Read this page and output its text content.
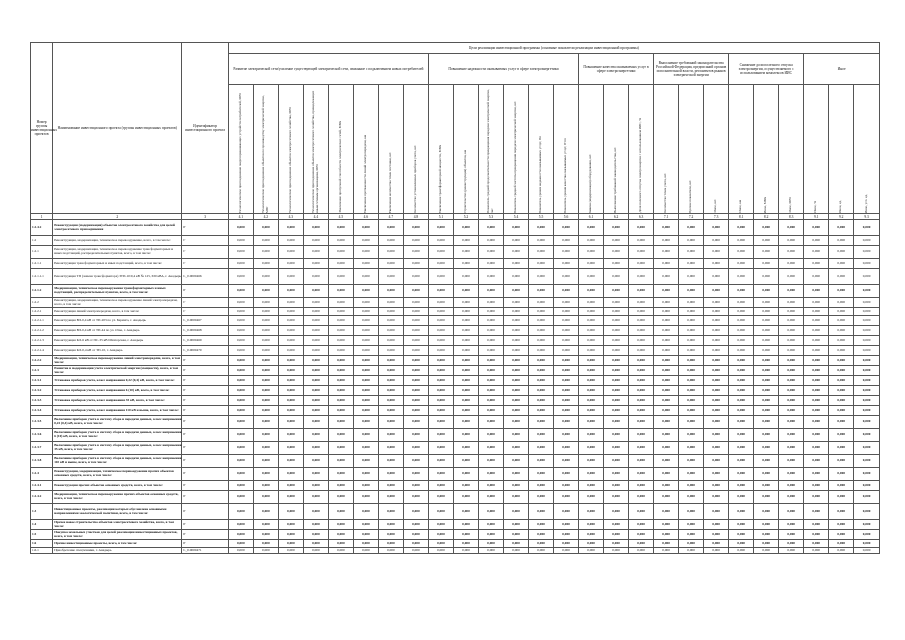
Номер группы инвестиционных проектов	Наименование инвестиционного проекта (группы инвестиционных проектов)	Идентификатор инвестиционного проекта	Цели реализации инвестиционной программы (основные показатели реализации инвестиционной программы)																									
			Развитие электрической сети/усиление существующей электрической сети, связанное с подключением новых потребителей								Повышение надежности оказываемых услуг в сфере электроэнергетики						Повышение качества оказываемых услуг в сфере электроэнергетики			Выполнение требований законодательства Российской Федерации, предписаний органов исполнительной власти, регламентов рынков электрической энергии			Снижение доли полезного отпуска электроэнергии, осуществляемого с использованием комплексов ИИС			Иное		

			Технологическое присоединение энергопринимающих устройств потребителей, МВт	Технологическое присоединение объектов по производству электрической энергии, МВт	Технологическое присоединение объектов электросетевого хозяйства, МВт	Технологическое присоединение объектов электросетевого хозяйства, принадлежащих иным сетевым организациям, МВт	Увеличение пропускной способности электрических сетей, МВА	Увеличение протяженности линий электропередачи, км	Увеличение количества точек поставки, шт.	Количество установленных приборов учета, шт.	Увеличение трансформаторной мощности, МВА	Строительство (реконструкция) объектов, км	Показатель средней продолжительности прекращения передачи электрической энергии, час	Показатель средней частоты прекращения передачи электрической энергии, шт.	Показатель уровня надежности оказываемых услуг, Пп	Показатель уровня качества оказываемых услуг, Птсо	Замена (модернизация) оборудования, шт.	Выполнение требований законодательства, шт.	Доля полезного отпуска электроэнергии с использованием ИИС, %	Количество точек учета, шт.	Прочие показатели, шт.	Иное, шт.	Иное, км	Иное, МВА	Иное, МВт	Иное, %	Иное, ед.	Иное, усл. ед.

1	2	3	4.1	4.2	4.3	4.4	4.5	4.6	4.7	4.8	5.1	5.2	5.3	5.4	5.5	5.6	6.1	6.2	6.3	7.1	7.2	7.3	8.1	8.2	8.3	9.1	9.2	9.3
1.2.4.2	Реконструкция (модернизация) объектов электросетевого хозяйства для целей электросетевого присоединения	Г	0,000	0,000	0,000	0,000	0,000	0,000	0,000	0,000	0,000	0,000	0,000	0,000	0,000	0,000	0,000	0,000	0,000	0,000	0,000	0,000	0,000	0,000	0,000	0,000	0,000	0,000
1.2	Реконструкция, модернизация, техническое перевооружение, всего, в том числе:	Г	0,000	0,000	0,000	0,000	0,000	0,000	0,000	0,000	0,000	0,000	0,000	0,000	0,000	0,000	0,000	0,000	0,000	0,000	0,000	0,000	0,000	0,000	0,000	0,000	0,000	0,000
1.2.1	Реконструкция, модернизация, техническое перевооружение трансформаторных и иных подстанций, распределительных пунктов, всего, в том числе:	Г	0,000	0,000	0,000	0,000	0,000	0,000	0,000	0,000	0,000	0,000	0,000	0,000	0,000	0,000	0,000	0,000	0,000	0,000	0,000	0,000	0,000	0,000	0,000	0,000	0,000	0,000
1.2.1.1	Реконструкция трансформаторных и иных подстанций, всего, в том числе:	Г	0,000	0,000	0,000	0,000	0,000	0,000	0,000	0,000	0,000	0,000	0,000	0,000	0,000	0,000	0,000	0,000	0,000	0,000	0,000	0,000	0,000	0,000	0,000	0,000	0,000	0,000
1.2.1.1.1	Реконструкция ТП (замена трансформатора) ЗТП-10/0,4 кВ № 125, 630 кВА, г. Анадырь	L_0.0000466	0,000	0,000	0,000	0,000	0,000	0,000	0,000	0,000	0,000	0,000	0,000	0,000	0,000	0,000	0,000	0,000	0,000	0,000	0,000	0,000	0,000	0,000	0,000	0,000	0,000	0,000
1.2.1.2	Модернизация, техническое перевооружение трансформаторных и иных подстанций, распределительных пунктов, всего, в том числе:	Г	0,000	0,000	0,000	0,000	0,000	0,000	0,000	0,000	0,000	0,000	0,000	0,000	0,000	0,000	0,000	0,000	0,000	0,000	0,000	0,000	0,000	0,000	0,000	0,000	0,000	0,000
1.2.2	Реконструкция, модернизация, техническое перевооружение линий электропередачи, всего, в том числе:	Г	0,000	0,000	0,000	0,000	0,000	0,000	0,000	0,000	0,000	0,000	0,000	0,000	0,000	0,000	0,000	0,000	0,000	0,000	0,000	0,000	0,000	0,000	0,000	0,000	0,000	0,000
1.2.2.1	Реконструкция линий электропередачи, всего, в том числе:	Г	0,000	0,000	0,000	0,000	0,000	0,000	0,000	0,000	0,000	0,000	0,000	0,000	0,000	0,000	0,000	0,000	0,000	0,000	0,000	0,000	0,000	0,000	0,000	0,000	0,000	0,000
1.2.2.1.1	Реконструкция ВЛ-0,4 кВ от ТП-203 по ул. Беринга, г. Анадырь	L_0.0000467	0,000	0,000	0,000	0,000	0,000	0,000	0,000	0,000	0,000	0,000	0,000	0,000	0,000	0,000	0,000	0,000	0,000	0,000	0,000	0,000	0,000	0,000	0,000	0,000	0,000	0,000
1.2.2.1.2	Реконструкция ВЛ-0,4 кВ от ТП-44 по ул. Отке, г. Анадырь	L_0.0000468	0,000	0,000	0,000	0,000	0,000	0,000	0,000	0,000	0,000	0,000	0,000	0,000	0,000	0,000	0,000	0,000	0,000	0,000	0,000	0,000	0,000	0,000	0,000	0,000	0,000	0,000
1.2.2.1.3	Реконструкция КЛ-6 кВ от ПС-35 кВ Шахтерская, г. Анадырь	L_0.0000469	0,000	0,000	0,000	0,000	0,000	0,000	0,000	0,000	0,000	0,000	0,000	0,000	0,000	0,000	0,000	0,000	0,000	0,000	0,000	0,000	0,000	0,000	0,000	0,000	0,000	0,000
1.2.2.1.4	Реконструкция КЛ-0,4 кВ от ТП-10, г. Анадырь	L_0.0000470	0,000	0,000	0,000	0,000	0,000	0,000	0,000	0,000	0,000	0,000	0,000	0,000	0,000	0,000	0,000	0,000	0,000	0,000	0,000	0,000	0,000	0,000	0,000	0,000	0,000	0,000
1.2.2.2	Модернизация, техническое перевооружение линий электропередачи, всего, в том числе:	Г	0,000	0,000	0,000	0,000	0,000	0,000	0,000	0,000	0,000	0,000	0,000	0,000	0,000	0,000	0,000	0,000	0,000	0,000	0,000	0,000	0,000	0,000	0,000	0,000	0,000	0,000
1.2.3	Развитие и модернизация учета электрической энергии (мощности), всего, в том числе:	Г	0,000	0,000	0,000	0,000	0,000	0,000	0,000	0,000	0,000	0,000	0,000	0,000	0,000	0,000	0,000	0,000	0,000	0,000	0,000	0,000	0,000	0,000	0,000	0,000	0,000	0,000
1.2.3.1	Установка приборов учета, класс напряжения 0,22 (0,4) кВ, всего, в том числе:	Г	0,000	0,000	0,000	0,000	0,000	0,000	0,000	0,000	0,000	0,000	0,000	0,000	0,000	0,000	0,000	0,000	0,000	0,000	0,000	0,000	0,000	0,000	0,000	0,000	0,000	0,000
1.2.3.2	Установка приборов учета, класс напряжения 6 (10) кВ, всего, в том числе:	Г	0,000	0,000	0,000	0,000	0,000	0,000	0,000	0,000	0,000	0,000	0,000	0,000	0,000	0,000	0,000	0,000	0,000	0,000	0,000	0,000	0,000	0,000	0,000	0,000	0,000	0,000
1.2.3.3	Установка приборов учета, класс напряжения 35 кВ, всего, в том числе:	Г	0,000	0,000	0,000	0,000	0,000	0,000	0,000	0,000	0,000	0,000	0,000	0,000	0,000	0,000	0,000	0,000	0,000	0,000	0,000	0,000	0,000	0,000	0,000	0,000	0,000	0,000
1.2.3.4	Установка приборов учета, класс напряжения 110 кВ и выше, всего, в том числе:	Г	0,000	0,000	0,000	0,000	0,000	0,000	0,000	0,000	0,000	0,000	0,000	0,000	0,000	0,000	0,000	0,000	0,000	0,000	0,000	0,000	0,000	0,000	0,000	0,000	0,000	0,000
1.2.3.5	Включение приборов учета в систему сбора и передачи данных, класс напряжения 0,22 (0,4) кВ, всего, в том числе:	Г	0,000	0,000	0,000	0,000	0,000	0,000	0,000	0,000	0,000	0,000	0,000	0,000	0,000	0,000	0,000	0,000	0,000	0,000	0,000	0,000	0,000	0,000	0,000	0,000	0,000	0,000
1.2.3.6	Включение приборов учета в систему сбора и передачи данных, класс напряжения 6 (10) кВ, всего, в том числе:	Г	0,000	0,000	0,000	0,000	0,000	0,000	0,000	0,000	0,000	0,000	0,000	0,000	0,000	0,000	0,000	0,000	0,000	0,000	0,000	0,000	0,000	0,000	0,000	0,000	0,000	0,000
1.2.3.7	Включение приборов учета в систему сбора и передачи данных, класс напряжения 35 кВ, всего, в том числе:	Г	0,000	0,000	0,000	0,000	0,000	0,000	0,000	0,000	0,000	0,000	0,000	0,000	0,000	0,000	0,000	0,000	0,000	0,000	0,000	0,000	0,000	0,000	0,000	0,000	0,000	0,000
1.2.3.8	Включение приборов учета в систему сбора и передачи данных, класс напряжения 110 кВ и выше, всего, в том числе:	Г	0,000	0,000	0,000	0,000	0,000	0,000	0,000	0,000	0,000	0,000	0,000	0,000	0,000	0,000	0,000	0,000	0,000	0,000	0,000	0,000	0,000	0,000	0,000	0,000	0,000	0,000
1.2.4	Реконструкция, модернизация, техническое перевооружение прочих объектов основных средств, всего, в том числе:	Г	0,000	0,000	0,000	0,000	0,000	0,000	0,000	0,000	0,000	0,000	0,000	0,000	0,000	0,000	0,000	0,000	0,000	0,000	0,000	0,000	0,000	0,000	0,000	0,000	0,000	0,000
1.2.4.1	Реконструкция прочих объектов основных средств, всего, в том числе:	Г	0,000	0,000	0,000	0,000	0,000	0,000	0,000	0,000	0,000	0,000	0,000	0,000	0,000	0,000	0,000	0,000	0,000	0,000	0,000	0,000	0,000	0,000	0,000	0,000	0,000	0,000
1.2.4.2	Модернизация, техническое перевооружение прочих объектов основных средств, всего, в том числе:	Г	0,000	0,000	0,000	0,000	0,000	0,000	0,000	0,000	0,000	0,000	0,000	0,000	0,000	0,000	0,000	0,000	0,000	0,000	0,000	0,000	0,000	0,000	0,000	0,000	0,000	0,000
1.3	Инвестиционные проекты, реализация которых обусловлена основными направлениями экологической политики, всего, в том числе:	Г	0,000	0,000	0,000	0,000	0,000	0,000	0,000	0,000	0,000	0,000	0,000	0,000	0,000	0,000	0,000	0,000	0,000	0,000	0,000	0,000	0,000	0,000	0,000	0,000	0,000	0,000
1.4	Прочее новое строительство объектов электросетевого хозяйства, всего, в том числе:	Г	0,000	0,000	0,000	0,000	0,000	0,000	0,000	0,000	0,000	0,000	0,000	0,000	0,000	0,000	0,000	0,000	0,000	0,000	0,000	0,000	0,000	0,000	0,000	0,000	0,000	0,000
1.5	Покупка земельных участков для целей реализации инвестиционных проектов, всего, в том числе:	Г	0,000	0,000	0,000	0,000	0,000	0,000	0,000	0,000	0,000	0,000	0,000	0,000	0,000	0,000	0,000	0,000	0,000	0,000	0,000	0,000	0,000	0,000	0,000	0,000	0,000	0,000
1.6	Прочие инвестиционные проекты, всего, в том числе:	Г	0,000	0,000	0,000	0,000	0,000	0,000	0,000	0,000	0,000	0,000	0,000	0,000	0,000	0,000	0,000	0,000	0,000	0,000	0,000	0,000	0,000	0,000	0,000	0,000	0,000	0,000
1.6.1	Приобретение спецтехники, г. Анадырь	L_0.0000471	0,000	0,000	0,000	0,000	0,000	0,000	0,000	0,000	0,000	0,000	0,000	0,000	0,000	0,000	0,000	0,000	0,000	0,000	0,000	0,000	0,000	0,000	0,000	0,000	0,000	0,000
